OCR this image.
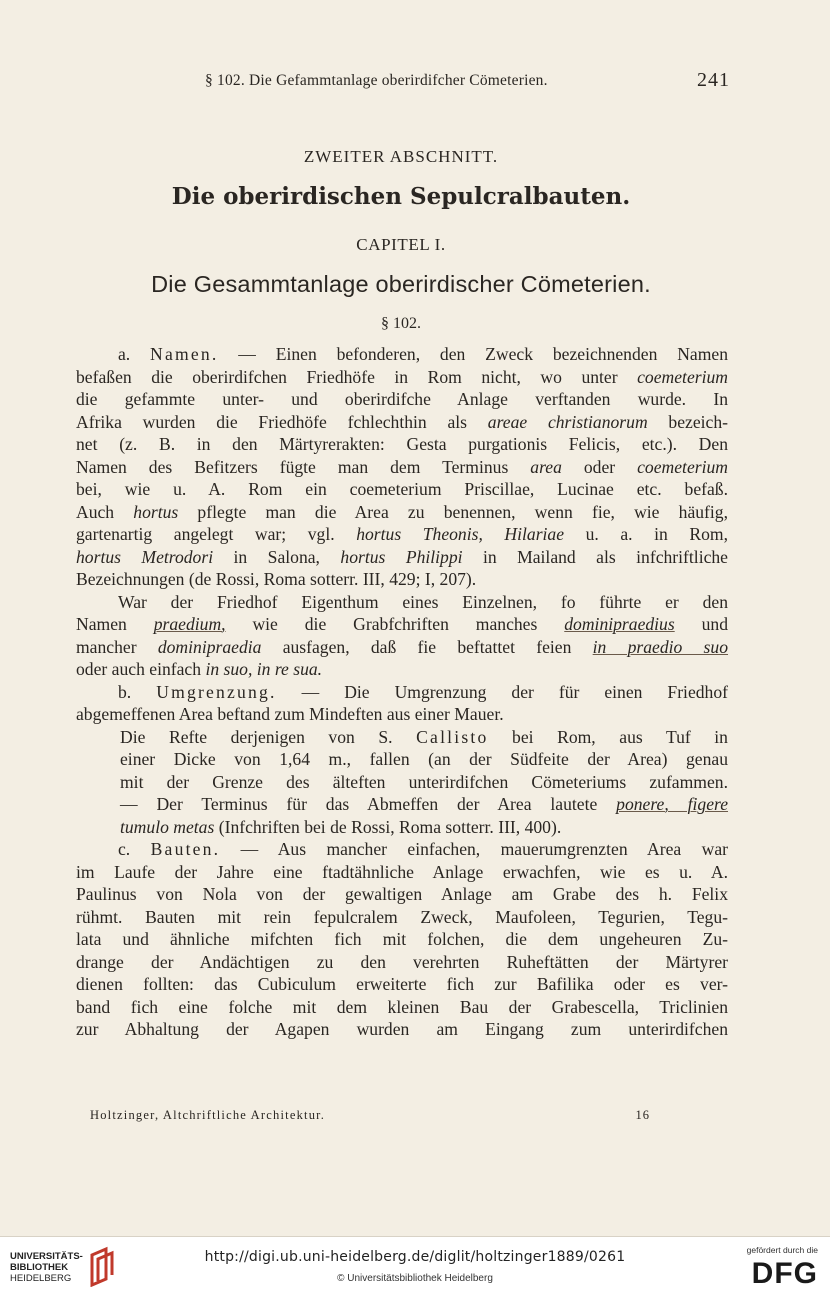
§ 102. Die Gefammtanlage oberirdifcher Cömeterien.	241
ZWEITER ABSCHNITT.
Die oberirdischen Sepulcralbauten.
CAPITEL I.
Die Gesammtanlage oberirdischer Cömeterien.
§ 102.
a. Namen. — Einen befonderen, den Zweck bezeichnenden Namen
befaßen die oberirdifchen Friedhöfe in Rom nicht, wo unter coemeterium
die gefammte unter- und oberirdifche Anlage verftanden wurde. In
Afrika wurden die Friedhöfe fchlechthin als areae christianorum bezeich-
net (z. B. in den Märtyrerakten: Gesta purgationis Felicis, etc.). Den
Namen des Befitzers fügte man dem Terminus area oder coemeterium
bei, wie u. A. Rom ein coemeterium Priscillae, Lucinae etc. befaß.
Auch hortus pflegte man die Area zu benennen, wenn fie, wie häufig,
gartenartig angelegt war; vgl. hortus Theonis, Hilariae u. a. in Rom,
hortus Metrodori in Salona, hortus Philippi in Mailand als infchriftliche
Bezeichnungen (de Rossi, Roma sotterr. III, 429; I, 207).
War der Friedhof Eigenthum eines Einzelnen, fo führte er den
Namen praedium, wie die Grabfchriften manches dominipraedius und
mancher dominipraedia ausfagen, daß fie beftattet feien in praedio suo
oder auch einfach in suo, in re sua.
b. Umgrenzung. — Die Umgrenzung der für einen Friedhof
abgemeffenen Area beftand zum Mindeften aus einer Mauer.
Die Refte derjenigen von S. Callisto bei Rom, aus Tuf in
einer Dicke von 1,64 m., fallen (an der Südfeite der Area) genau
mit der Grenze des älteften unterirdifchen Cömeteriums zufammen.
— Der Terminus für das Abmeffen der Area lautete ponere, figere
tumulo metas (Infchriften bei de Rossi, Roma sotterr. III, 400).
c. Bauten. — Aus mancher einfachen, mauerumgrenzten Area war
im Laufe der Jahre eine ftadtähnliche Anlage erwachfen, wie es u. A.
Paulinus von Nola von der gewaltigen Anlage am Grabe des h. Felix
rühmt. Bauten mit rein fepulcralem Zweck, Maufoleen, Tegurien, Tegu-
lata und ähnliche mifchten fich mit folchen, die dem ungeheuren Zu-
drange der Andächtigen zu den verehrten Ruheftätten der Märtyrer
dienen follten: das Cubiculum erweiterte fich zur Bafilika oder es ver-
band fich eine folche mit dem kleinen Bau der Grabescella, Triclinien
zur Abhaltung der Agapen wurden am Eingang zum unterirdifchen
Holtzinger, Altchriftliche Architektur.	16
UNIVERSITÄTS-
BIBLIOTHEK
HEIDELBERG
http://digi.ub.uni-heidelberg.de/diglit/holtzinger1889/0261
© Universitätsbibliothek Heidelberg
gefördert durch die
DFG
